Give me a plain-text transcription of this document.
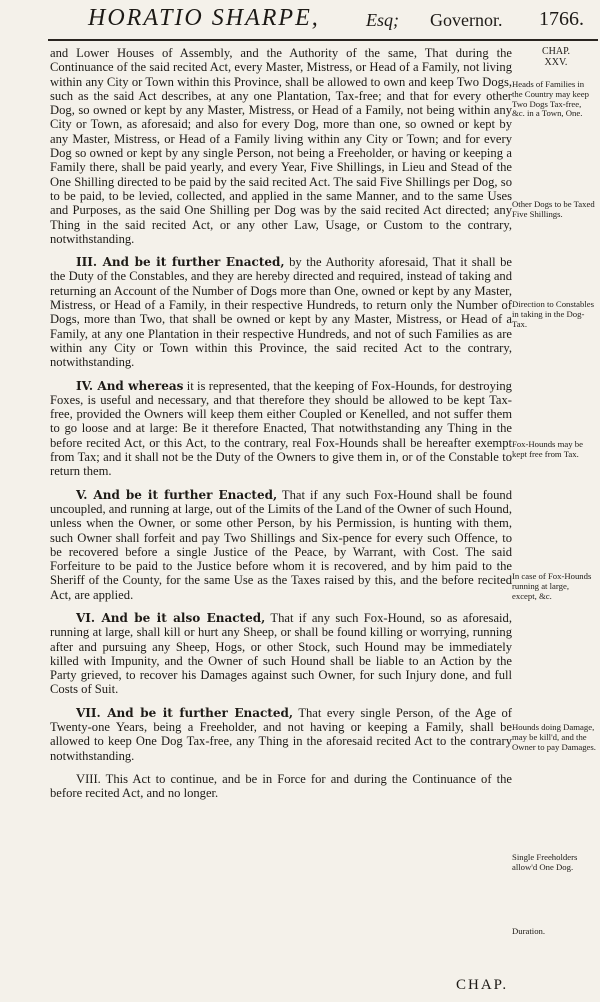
HORATIO SHARPE,	Esq; Governor. 1766.
CHAP.
XXV.

and Lower Houses of Assembly, and the Authority of the same, That during the Continuance of the said recited Act, every Master, Mistress, or Head of a Family, not living within any City or Town within this Province, shall be allowed to own and keep Two Dogs, such as the said Act describes, at any one Plantation, Tax-free; and that for every other Dog, so owned or kept by any Master, Mistress, or Head of a Family, not being within any City or Town, as aforesaid; and also for every Dog, more than one, so owned or kept by any Master, Mistress, or Head of a Family living within any City or Town; and for every Dog so owned or kept by any single Person, not being a Freeholder, or having or keeping a Family there, shall be paid yearly, and every Year, Five Shillings, in Lieu and Stead of the One Shilling directed to be paid by the said recited Act. The said Five Shillings per Dog, so to be paid, to be levied, collected, and applied in the same Manner, and to the same Uses and Purposes, as the said One Shilling per Dog was by the said recited Act directed; any Thing in the said recited Act, or any other Law, Usage, or Custom to the contrary, notwithstanding.

III. And be it further Enacted, by the Authority aforesaid, That it shall be the Duty of the Constables, and they are hereby directed and required, instead of taking and returning an Account of the Number of Dogs more than One, owned or kept by any Master, Mistress, or Head of a Family, in their respective Hundreds, to return only the Number of Dogs, more than Two, that shall be owned or kept by any Master, Mistress, or Head of a Family, at any one Plantation in their respective Hundreds, and not of such Families as are within any City or Town within this Province, the said recited Act to the contrary, notwithstanding.

IV. And whereas it is represented, that the keeping of Fox-Hounds, for destroying Foxes, is useful and necessary, and that therefore they should be allowed to be kept Tax-free, provided the Owners will keep them either Coupled or Kenelled, and not suffer them to go loose and at large: Be it therefore Enacted, That notwithstanding any Thing in the before recited Act, or this Act, to the contrary, real Fox-Hounds shall be hereafter exempt from Tax; and it shall not be the Duty of the Owners to give them in, or of the Constable to return them.

V. And be it further Enacted, That if any such Fox-Hound shall be found uncoupled, and running at large, out of the Limits of the Land of the Owner of such Hound, unless when the Owner, or some other Person, by his Permission, is hunting with them, such Owner shall forfeit and pay Two Shillings and Six-pence for every such Offence, to be recovered before a single Justice of the Peace, by Warrant, with Cost. The said Forfeiture to be paid to the Justice before whom it is recovered, and by him paid to the Sheriff of the County, for the same Use as the Taxes raised by this, and the before recited Act, are applied.

VI. And be it also Enacted, That if any such Fox-Hound, so as aforesaid, running at large, shall kill or hurt any Sheep, or shall be found killing or worrying, running after and pursuing any Sheep, Hogs, or other Stock, such Hound may be immediately killed with Impunity, and the Owner of such Hound shall be liable to an Action by the Party grieved, to recover his Damages against such Owner, for such Injury done, and full Costs of Suit.

VII. And be it further Enacted, That every single Person, of the Age of Twenty-one Years, being a Freeholder, and not having or keeping a Family, shall be allowed to keep One Dog Tax-free, any Thing in the aforesaid recited Act to the contrary notwithstanding.

VIII. This Act to continue, and be in Force for and during the Continuance of the before recited Act, and no longer.

Heads of Families in the Country may keep Two Dogs Tax-free, &c. in a Town, One.
Other Dogs to be Taxed Five Shillings.
Direction to Constables in taking in the Dog-Tax.
Fox-Hounds may be kept free from Tax.
In case of Fox-Hounds running at large, except, &c.
Hounds doing Damage, may be kill'd, and the Owner to pay Damages.
Single Freeholders allow'd One Dog.
Duration.
CHAP.
